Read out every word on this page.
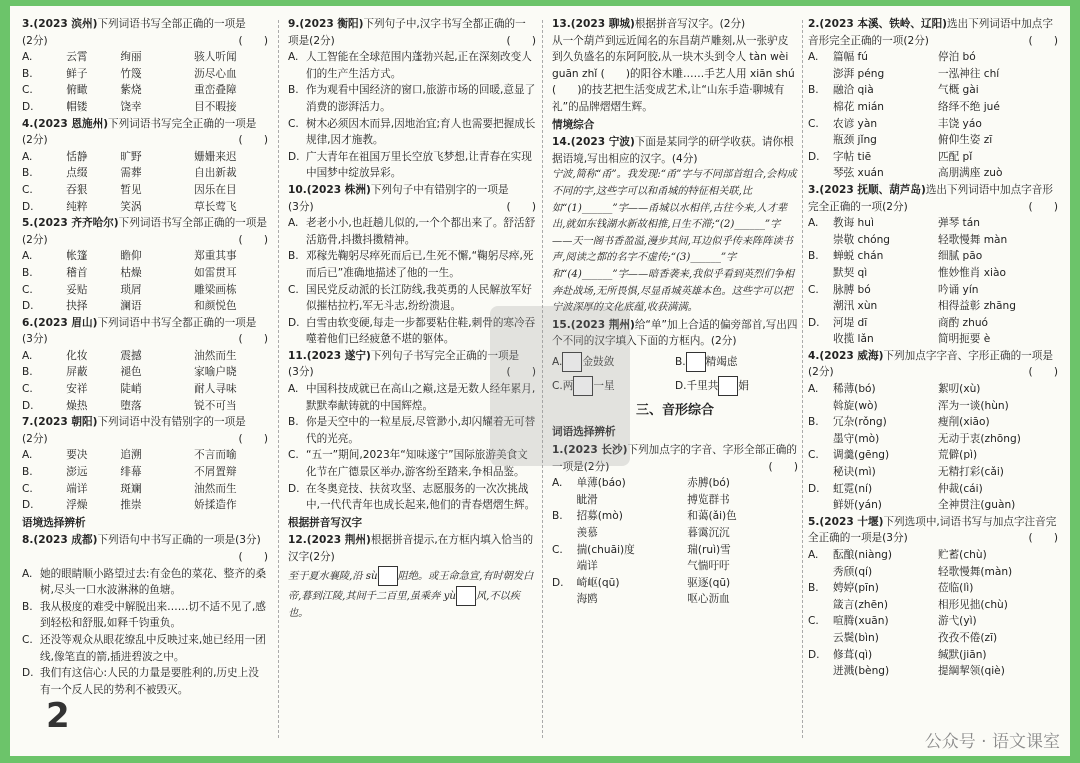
3.(2023 滨州)下列词语书写全部正确的一项是

(2分)	(　　)

A.	云霄	绚丽	骇人听闻
B.	鲜子	竹篾	沥尽心血
C.	俯瞰	紫烧	重峦叠障
D.	帽镂	饶幸	目不暇接

4.(2023 恩施州)下列词语书写完全正确的一项是

(2分)	(　　)

A.	恬静	旷野	姗姗来迟
B.	点缀	需葬	自出新裁
C.	吞狠	暂见	因乐在目
D.	纯粹	笑涡	草长莺飞

5.(2023 齐齐哈尔)下列词语书写全部正确的一项是

(2分)	(　　)

A.	帐篷	瞻仰	郑重其事
B.	稽首	枯燥	如雷贯耳
C.	妥贴	琐屑	雕梁画栋
D.	抉择	澜语	和颜悦色

6.(2023 眉山)下列词语中书写全都正确的一项是

(3分)	(　　)

A.	化妆	震撼	油然而生
B.	屏蔽	褪色	家喻户晓
C.	安祥	陡峭	耐人寻味
D.	燥热	堕落	锐不可当

7.(2023 朝阳)下列词语中没有错别字的一项是

(2分)	(　　)

A.	要决	追溯	不言而喻
B.	澎远	绯幕	不屑置辩
C.	端详	斑斓	油然而生
D.	浮燥	推崇	娇揉造作

语境选择辨析

8.(2023 成都)下列语句中书写正确的一项是(3分)

(　　)

A. 她的眼睛顺小路望过去:有金色的菜花、整齐的桑树,尽头一口水波淋淋的鱼塘。
B. 我从极度的难受中解脱出来……切不适不见了,感到轻松和舒服,如释千钧重负。
C. 还没等观众从眼花缭乱中反映过来,她已经用一团线,像笔直的箭,插进碧波之中。
D. 我们有这信心:人民的力量是要胜利的,历史上没有一个反人民的势利不被毁灭。

9.(2023 衡阳)下列句子中,汉字书写全都正确的一项是(2分)	(　　)

A. 人工智能在全球范围内蓬勃兴起,正在深刻改变人们的生产生活方式。
B. 作为观看中国经济的窗口,旅游市场的回暖,意显了消费的澎湃活力。
C. 树木必须因木而异,因地治宜;育人也需要把握成长规律,因才施教。
D. 广大青年在祖国万里长空放飞梦想,让青春在实现中国梦中绽放异彩。

10.(2023 株洲)下列句子中有错别字的一项是

(3分)	(　　)

A. 老老小小,也赶趟儿似的,一个个都出来了。舒活舒活筋骨,抖擞抖擞精神。
B. 邓稼先鞠躬尽瘁死而后已,生死不懈,“鞠躬尽瘁,死而后已”准确地描述了他的一生。
C. 国民党反动派的长江防线,我英勇的人民解放军好似摧枯拉朽,军无斗志,纷纷溃退。
D. 白雪由软变硬,每走一步都要粘住鞋,刺骨的寒冷吞噬着他们已经疲惫不堪的躯体。

11.(2023 遂宁)下列句子书写完全正确的一项是

(3分)	(　　)

A. 中国科技成就已在高山之巅,这是无数人经年累月,默默奉献铸就的中国辉煌。
B. 你是天空中的一粒星辰,尽管渺小,却闪耀着无可替代的光亮。
C. “五一”期间,2023年“知味遂宁”国际旅游美食文化节在广德景区举办,游客纷至踏来,争相品鉴。
D. 在冬奥竞技、扶贫攻坚、志愿服务的一次次挑战中,一代代青年也成长起来,他们的青春熠熠生辉。

根据拼音写汉字

12.(2023 荆州)根据拼音提示,在方框内填入恰当的汉字(2分)

至于夏水襄陵,沿 sù 阻绝。或王命急宣,有时朝发白帝,暮到江陵,其间千二百里,虽乘奔 yù 风,不以疾也。

13.(2023 聊城)根据拼音写汉字。(2分)

从一个葫芦到远近闻名的东昌葫芦雕刻,从一张驴皮到久负盛名的东阿阿胶,从一块木头到令人 tàn wèi guān zhǐ (　　)的阳谷木雕……手艺人用 xiān shú (　　)的技艺把生活变成艺术,让“山东手造·聊城有礼”的品牌熠熠生辉。

情境综合

14.(2023 宁波)下面是某同学的研学收获。请你根据语境,写出相应的汉字。(4分)

宁波,简称“甬”。我发现:“甬”字与不同部首组合,会构成不同的字,这些字可以和甬城的特征相关联,比如“(1)______”字——甬城以水相伴,古往今来,人才辈出,就如东钱湖水新故相推,日生不滞;“(2)______”字——天一阁书香盈溢,漫步其间,耳边似乎传来阵阵读书声,阅读之都的名字不虚传;“(3)______”字和“(4)______”字——暗香袭来,我似乎看到英烈们争相奔赴战场,无所畏惧,尽显甬城英雄本色。这些字可以把宁波深厚的文化底蕴,收获满满。

15.(2023 荆州)给“单”加上合适的偏旁部首,写出四个不同的汉字填入下面的方框内。(2分)

A. 金鼓敛	B. 精竭虑
C.两 一星	D.千里共 娟

三、音形综合

词语选择辨析

1.(2023 长沙)下列加点字的字音、字形全部正确的一项是(2分)	(　　)

A.	单薄(báo)	赤膊(bó)
眦滑	搏览群书
B.	招募(mò)	和蔼(ǎi)色
羡慕	暮霭沉沉
C.	揣(chuāi)度	瑞(ruì)雪
端详	气惴吁吁
D.	崎岖(qū)	驱逐(qū)
海鸥	呕心沥血

2.(2023 本溪、铁岭、辽阳)选出下列词语中加点字音形完全正确的一项(2分)	(　　)

A.	篇幅 fú	停泊 bó
澎湃 péng	一泓神往 chí
B.	融洽 qià	气概 gài
棉花 mián	络绎不绝 jué
C.	农谚 yàn	丰饶 yáo
瓶颈 jǐng	俯仰生姿 zī
D.	字帖 tiē	匹配 pǐ
琴弦 xuán	高朋满座 zuò

3.(2023 抚顺、葫芦岛)选出下列词语中加点字音形完全正确的一项(2分)	(　　)

A.	教诲 huì	弹琴 tán
崇敬 chóng	轻歌慢舞 màn
B.	蝉蜕 chán	细腻 pāo
默契 qì	惟妙惟肖 xiào
C.	脉膊 bó	吟诵 yín
潮汛 xùn	相得益彰 zhāng
D.	河堤 dī	商酌 zhuó
收揽 lǎn	简明扼要 è

4.(2023 威海)下列加点字字音、字形正确的一项是

(2分)	(　　)

A.	稀薄(bó)	絮叨(xù)
斡旋(wò)	浑为一谈(hùn)
B.	冗杂(rǒng)	瘦削(xiāo)
墨守(mò)	无动于衷(zhōng)
C.	调羹(gēng)	荒僻(pì)
秘诀(mì)	无精打彩(cǎi)
D.	虹霓(ní)	仲裁(cái)
鲜妍(yán)	全神贯注(guàn)

5.(2023 十堰)下列选项中,词语书写与加点字注音完全正确的一项是(3分)	(　　)

A.	酝酿(niàng)	贮蓄(chù)
秀颀(qí)	轻歌慢舞(màn)
B.	娉婷(pīn)	莅临(lì)
箴言(zhēn)	相形见拙(chù)
C.	喧腾(xuān)	游弋(yì)
云鬓(bìn)	孜孜不倦(zī)
D.	修葺(qì)	缄默(jiān)
迸溅(bèng)	提綱挈领(qiè)
2
公众号 · 语文课室
